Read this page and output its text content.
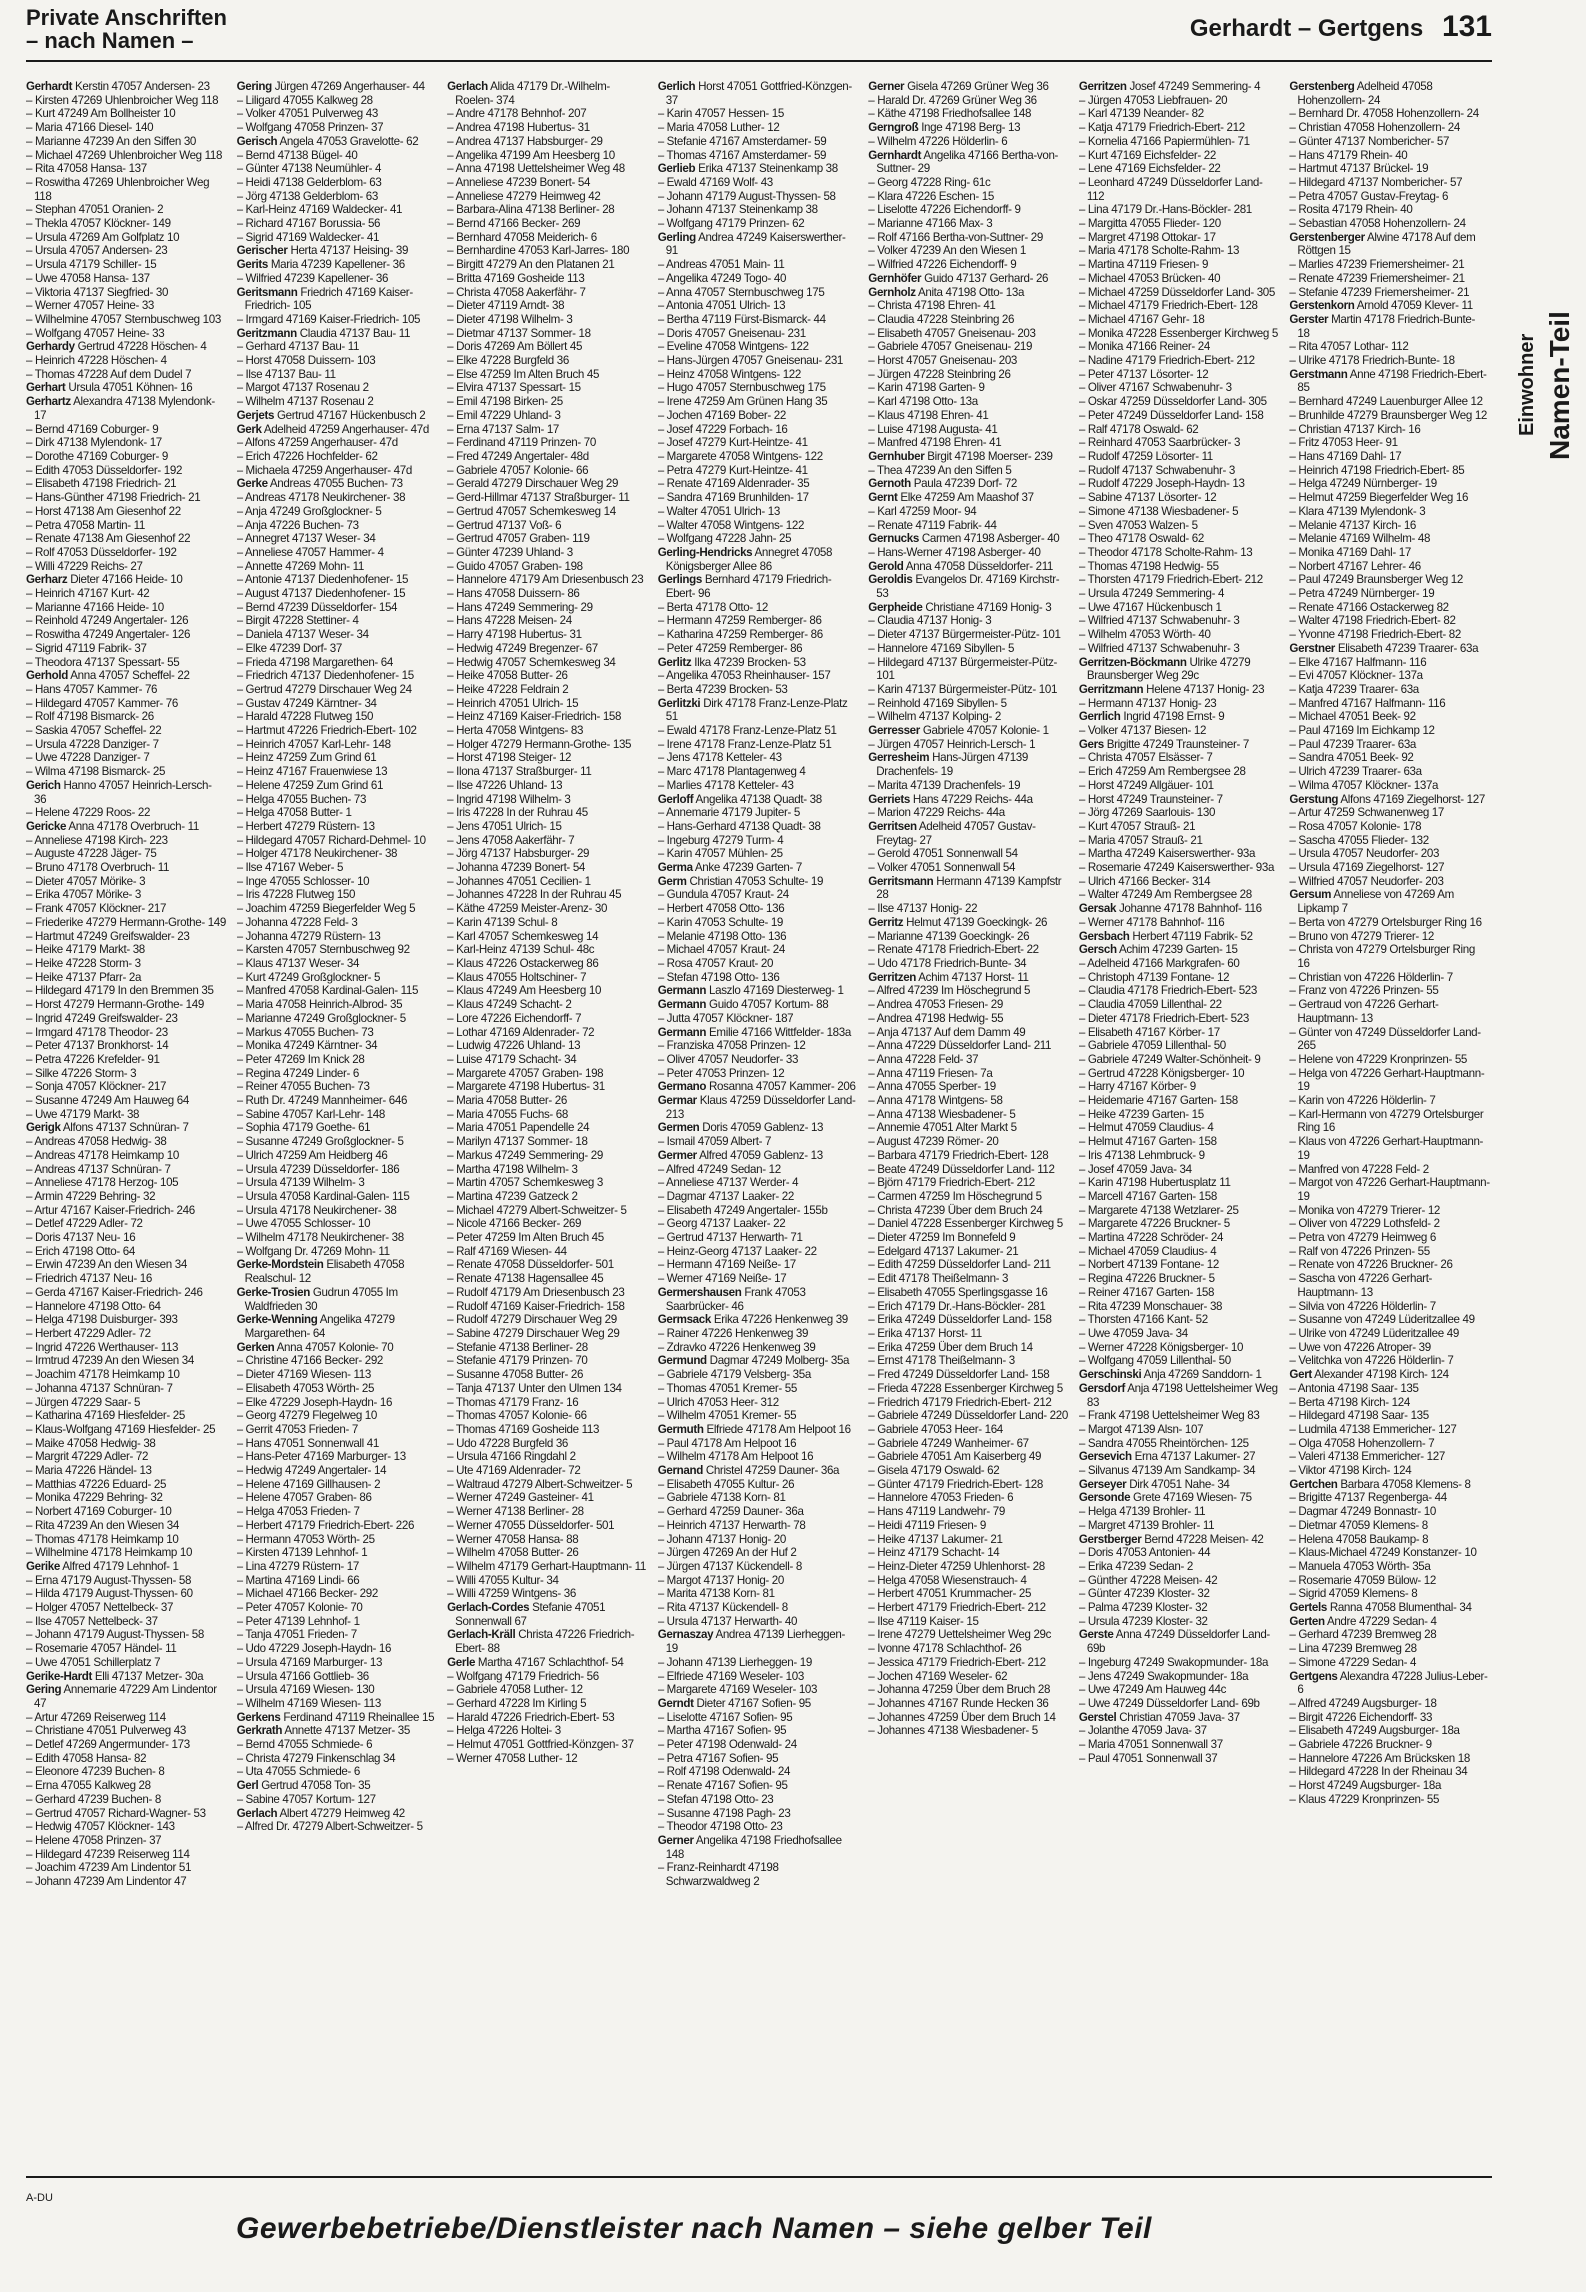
Private Anschriften
– nach Namen –	Gerhardt – Gertgens 131
Gerhardt Kerstin 47057 Andersen- 23
– Kirsten 47269 Uhlenbroicher Weg 118
– Kurt 47249 Am Bollheister 10
– Maria 47166 Diesel- 140
– Marianne 47239 An den Siffen 30
– Michael 47269 Uhlenbroicher Weg 118
– Rita 47058 Hansa- 137
– Roswitha 47269 Uhlenbroicher Weg 118
– Stephan 47051 Oranien- 2
– Thekla 47057 Klöckner- 149
– Ursula 47269 Am Golfplatz 10
– Ursula 47057 Andersen- 23
– Ursula 47179 Schiller- 15
– Uwe 47058 Hansa- 137
– Viktoria 47137 Siegfried- 30
– Werner 47057 Heine- 33
– Wilhelmine 47057 Sternbuschweg 103
– Wolfgang 47057 Heine- 33
Gerhardy Gertrud 47228 Höschen- 4
– Heinrich 47228 Höschen- 4
– Thomas 47228 Auf dem Dudel 7
Gerhart Ursula 47051 Köhnen- 16
Gerhartz Alexandra 47138 Mylendonk- 17
– Bernd 47169 Coburger- 9
– Dirk 47138 Mylendonk- 17
– Dorothe 47169 Coburger- 9
– Edith 47053 Düsseldorfer- 192
– Elisabeth 47198 Friedrich- 21
– Hans-Günther 47198 Friedrich- 21
– Horst 47138 Am Giesenhof 22
– Petra 47058 Martin- 11
– Renate 47138 Am Giesenhof 22
– Rolf 47053 Düsseldorfer- 192
– Willi 47229 Reichs- 27
Gerharz Dieter 47166 Heide- 10
– Heinrich 47167 Kurt- 42
– Marianne 47166 Heide- 10
– Reinhold 47249 Angertaler- 126
– Roswitha 47249 Angertaler- 126
– Sigrid 47119 Fabrik- 37
– Theodora 47137 Spessart- 55
Gerhold Anna 47057 Scheffel- 22
– Hans 47057 Kammer- 76
– Hildegard 47057 Kammer- 76
– Rolf 47198 Bismarck- 26
– Saskia 47057 Scheffel- 22
– Ursula 47228 Danziger- 7
– Uwe 47228 Danziger- 7
– Wilma 47198 Bismarck- 25
Gerich Hanno 47057 Heinrich-Lersch- 36
– Helene 47229 Roos- 22
Gericke Anna 47178 Overbruch- 11
– Anneliese 47198 Kirch- 223
– Auguste 47228 Jäger- 75
– Bruno 47178 Overbruch- 11
– Dieter 47057 Mörike- 3
– Erika 47057 Mörike- 3
– Frank 47057 Klöckner- 217
– Friederike 47279 Hermann-Grothe- 149
– Hartmut 47249 Greifswalder- 23
– Heike 47179 Markt- 38
– Heike 47228 Storm- 3
– Heike 47137 Pfarr- 2a
– Hildegard 47179 In den Bremmen 35
– Horst 47279 Hermann-Grothe- 149
– Ingrid 47249 Greifswalder- 23
– Irmgard 47178 Theodor- 23
– Peter 47137 Bronkhorst- 14
– Petra 47226 Krefelder- 91
– Silke 47226 Storm- 3
– Sonja 47057 Klöckner- 217
– Susanne 47249 Am Hauweg 64
– Uwe 47179 Markt- 38
Gerigk Alfons 47137 Schnüran- 7
– Andreas 47058 Hedwig- 38
– Andreas 47178 Heimkamp 10
– Andreas 47137 Schnüran- 7
– Anneliese 47178 Herzog- 105
– Armin 47229 Behring- 32
– Artur 47167 Kaiser-Friedrich- 246
– Detlef 47229 Adler- 72
– Doris 47137 Neu- 16
– Erich 47198 Otto- 64
– Erwin 47239 An den Wiesen 34
– Friedrich 47137 Neu- 16
– Gerda 47167 Kaiser-Friedrich- 246
– Hannelore 47198 Otto- 64
– Helga 47198 Duisburger- 393
– Herbert 47229 Adler- 72
– Ingrid 47226 Werthauser- 113
– Irmtrud 47239 An den Wiesen 34
– Joachim 47178 Heimkamp 10
– Johanna 47137 Schnüran- 7
– Jürgen 47229 Saar- 5
– Katharina 47169 Hiesfelder- 25
– Klaus-Wolfgang 47169 Hiesfelder- 25
– Maike 47058 Hedwig- 38
– Margrit 47229 Adler- 72
– Maria 47226 Händel- 13
– Matthias 47226 Eduard- 25
– Monika 47229 Behring- 32
– Norbert 47169 Coburger- 10
– Rita 47239 An den Wiesen 34
– Thomas 47178 Heimkamp 10
– Wilhelmine 47178 Heimkamp 10
Gerike Alfred 47179 Lehnhof- 1
– Erna 47179 August-Thyssen- 58
– Hilda 47179 August-Thyssen- 60
– Holger 47057 Nettelbeck- 37
– Ilse 47057 Nettelbeck- 37
– Johann 47179 August-Thyssen- 58
– Rosemarie 47057 Händel- 11
– Uwe 47051 Schillerplatz 7
Gerike-Hardt Elli 47137 Metzer- 30a
Gering Annemarie 47229 Am Lindentor 47
– Artur 47269 Reiserweg 114
– Christiane 47051 Pulverweg 43
– Detlef 47269 Angermunder- 173
– Edith 47058 Hansa- 82
– Eleonore 47239 Buchen- 8
– Erna 47055 Kalkweg 28
– Gerhard 47239 Buchen- 8
– Gertrud 47057 Richard-Wagner- 53
– Hedwig 47057 Klöckner- 143
– Helene 47058 Prinzen- 37
– Hildegard 47239 Reiserweg 114
– Joachim 47239 Am Lindentor 51
– Johann 47239 Am Lindentor 47
Gering Jürgen 47269 Angerhauser- 44
– Liligard 47055 Kalkweg 28
– Volker 47051 Pulverweg 43
– Wolfgang 47058 Prinzen- 37
Gerisch Angela 47053 Gravelotte- 62
– Bernd 47138 Bügel- 40
– Günter 47138 Neumühler- 4
– Heidi 47138 Gelderblom- 63
– Jörg 47138 Gelderblom- 63
– Karl-Heinz 47169 Waldecker- 41
– Richard 47167 Borussia- 56
– Sigrid 47169 Waldecker- 41
Gerischer Herta 47137 Heising- 39
Gerits Maria 47239 Kapellener- 36
– Wilfried 47239 Kapellener- 36
Geritsmann Friedrich 47169 Kaiser-Friedrich- 105
– Irmgard 47169 Kaiser-Friedrich- 105
Geritzmann Claudia 47137 Bau- 11
– Gerhard 47137 Bau- 11
– Horst 47058 Duissern- 103
– Ilse 47137 Bau- 11
– Margot 47137 Rosenau 2
– Wilhelm 47137 Rosenau 2
Gerjets Gertrud 47167 Hückenbusch 2
Gerk Adelheid 47259 Angerhauser- 47d
– Alfons 47259 Angerhauser- 47d
– Erich 47226 Hochfelder- 62
– Michaela 47259 Angerhauser- 47d
Gerke Andreas 47055 Buchen- 73
– Andreas 47178 Neukirchener- 38
– Anja 47249 Großglockner- 5
– Anja 47226 Buchen- 73
– Annegret 47137 Weser- 34
– Anneliese 47057 Hammer- 4
– Annette 47269 Mohn- 11
– Antonie 47137 Diedenhofener- 15
– August 47137 Diedenhofener- 15
– Bernd 47239 Düsseldorfer- 154
– Birgit 47228 Stettiner- 4
– Daniela 47137 Weser- 34
– Elke 47239 Dorf- 37
– Frieda 47198 Margarethen- 64
– Friedrich 47137 Diedenhofener- 15
– Gertrud 47279 Dirschauer Weg 24
– Gustav 47249 Kärntner- 34
– Harald 47228 Flutweg 150
– Hartmut 47226 Friedrich-Ebert- 102
– Heinrich 47057 Karl-Lehr- 148
– Heinz 47259 Zum Grind 61
– Heinz 47167 Frauenwiese 13
– Helene 47259 Zum Grind 61
– Helga 47055 Buchen- 73
– Helga 47058 Butter- 1
– Herbert 47279 Rüstern- 13
– Hildegard 47057 Richard-Dehmel- 10
– Holger 47178 Neukirchener- 38
– Ilse 47167 Weber- 5
– Inge 47055 Schlosser- 10
– Iris 47228 Flutweg 150
– Joachim 47259 Biegerfelder Weg 5
– Johanna 47228 Feld- 3
– Johanna 47279 Rüstern- 13
– Karsten 47057 Sternbuschweg 92
– Klaus 47137 Weser- 34
– Kurt 47249 Großglockner- 5
– Manfred 47058 Kardinal-Galen- 115
– Maria 47058 Heinrich-Albrod- 35
– Marianne 47249 Großglockner- 5
– Markus 47055 Buchen- 73
– Monika 47249 Kärntner- 34
– Peter 47269 Im Knick 28
– Regina 47249 Linder- 6
– Reiner 47055 Buchen- 73
– Ruth Dr. 47249 Mannheimer- 646
– Sabine 47057 Karl-Lehr- 148
– Sophia 47179 Goethe- 61
– Susanne 47249 Großglockner- 5
– Ulrich 47259 Am Heidberg 46
– Ursula 47239 Düsseldorfer- 186
– Ursula 47139 Wilhelm- 3
– Ursula 47058 Kardinal-Galen- 115
– Ursula 47178 Neukirchener- 38
– Uwe 47055 Schlosser- 10
– Wilhelm 47178 Neukirchener- 38
– Wolfgang Dr. 47269 Mohn- 11
Gerke-Mordstein Elisabeth 47058 Realschul- 12
Gerke-Trosien Gudrun 47055 Im Waldfrieden 30
Gerke-Wenning Angelika 47279 Margarethen- 64
Gerken Anna 47057 Kolonie- 70
– Christine 47166 Becker- 292
– Dieter 47169 Wiesen- 113
– Elisabeth 47053 Wörth- 25
– Elke 47229 Joseph-Haydn- 16
– Georg 47279 Flegelweg 10
– Gerrit 47053 Frieden- 7
– Hans 47051 Sonnenwall 41
– Hans-Peter 47169 Marburger- 13
– Hedwig 47249 Angertaler- 14
– Helene 47169 Gillhausen- 2
– Helene 47057 Graben- 86
– Helga 47053 Frieden- 7
– Herbert 47179 Friedrich-Ebert- 226
– Hermann 47053 Wörth- 25
– Kirsten 47139 Lehnhof- 1
– Lina 47279 Rüstern- 17
– Martina 47169 Lindi- 66
– Michael 47166 Becker- 292
– Peter 47057 Kolonie- 70
– Peter 47139 Lehnhof- 1
– Tanja 47051 Frieden- 7
– Udo 47229 Joseph-Haydn- 16
– Ursula 47169 Marburger- 13
– Ursula 47166 Gottlieb- 36
– Ursula 47169 Wiesen- 130
– Wilhelm 47169 Wiesen- 113
Gerkens Ferdinand 47119 Rheinallee 15
Gerkrath Annette 47137 Metzer- 35
– Bernd 47055 Schmiede- 6
– Christa 47279 Finkenschlag 34
– Uta 47055 Schmiede- 6
Gerl Gertrud 47058 Ton- 35
– Sabine 47057 Kortum- 127
Gerlach Albert 47279 Heimweg 42
– Alfred Dr. 47279 Albert-Schweitzer- 5
Gerlach Alida 47179 Dr.-Wilhelm-Roelen- 374
– Andre 47178 Behnhof- 207
– Andrea 47198 Hubertus- 31
– Andrea 47137 Habsburger- 29
– Angelika 47199 Am Heesberg 10
– Anna 47198 Uettelsheimer Weg 48
– Anneliese 47239 Bonert- 54
– Anneliese 47279 Heimweg 42
– Barbara-Alina 47138 Berliner- 28
– Bernd 47166 Becker- 269
– Bernhard 47058 Meiderich- 6
– Bernhardine 47053 Karl-Jarres- 180
– Birgitt 47279 An den Platanen 21
– Britta 47169 Gosheide 113
– Christa 47058 Aakerfähr- 7
– Dieter 47119 Arndt- 38
– Dieter 47198 Wilhelm- 3
– Dietmar 47137 Sommer- 18
– Doris 47269 Am Böllert 45
– Elke 47228 Burgfeld 36
– Else 47259 Im Alten Bruch 45
– Elvira 47137 Spessart- 15
– Emil 47198 Birken- 25
– Emil 47229 Uhland- 3
– Erna 47137 Salm- 17
– Ferdinand 47119 Prinzen- 70
– Fred 47249 Angertaler- 48d
– Gabriele 47057 Kolonie- 66
– Gerald 47279 Dirschauer Weg 29
– Gerd-Hillmar 47137 Straßburger- 11
– Gertrud 47057 Schemkesweg 14
– Gertrud 47137 Voß- 6
– Gertrud 47057 Graben- 119
– Günter 47239 Uhland- 3
– Guido 47057 Graben- 198
– Hannelore 47179 Am Driesenbusch 23
– Hans 47058 Duissern- 86
– Hans 47249 Semmering- 29
– Hans 47228 Meisen- 24
– Harry 47198 Hubertus- 31
– Hedwig 47249 Bregenzer- 67
– Hedwig 47057 Schemkesweg 34
– Heike 47058 Butter- 26
– Heike 47228 Feldrain 2
– Heinrich 47051 Ulrich- 15
– Heinz 47169 Kaiser-Friedrich- 158
– Herta 47058 Wintgens- 83
– Holger 47279 Hermann-Grothe- 135
– Horst 47198 Steiger- 12
– Ilona 47137 Straßburger- 11
– Ilse 47226 Uhland- 13
– Ingrid 47198 Wilhelm- 3
– Iris 47228 In der Ruhrau 45
– Jens 47051 Ulrich- 15
– Jens 47058 Aakerfähr- 7
– Jörg 47137 Habsburger- 29
– Johanna 47239 Bonert- 54
– Johannes 47051 Cecilien- 1
– Johannes 47228 In der Ruhrau 45
– Käthe 47259 Meister-Arenz- 30
– Karin 47139 Schul- 8
– Karl 47057 Schemkesweg 14
– Karl-Heinz 47139 Schul- 48c
– Klaus 47226 Ostackerweg 86
– Klaus 47055 Holtschiner- 7
– Klaus 47249 Am Heesberg 10
– Klaus 47249 Schacht- 2
– Lore 47226 Eichendorff- 7
– Lothar 47169 Aldenrader- 72
– Ludwig 47226 Uhland- 13
– Luise 47179 Schacht- 34
– Margarete 47057 Graben- 198
– Margarete 47198 Hubertus- 31
– Maria 47058 Butter- 26
– Maria 47055 Fuchs- 68
– Maria 47051 Papendelle 24
– Marilyn 47137 Sommer- 18
– Markus 47249 Semmering- 29
– Martha 47198 Wilhelm- 3
– Martin 47057 Schemkesweg 3
– Martina 47239 Gatzeck 2
– Michael 47279 Albert-Schweitzer- 5
– Nicole 47166 Becker- 269
– Peter 47259 Im Alten Bruch 45
– Ralf 47169 Wiesen- 44
– Renate 47058 Düsseldorfer- 501
– Renate 47138 Hagensallee 45
– Rudolf 47179 Am Driesenbusch 23
– Rudolf 47169 Kaiser-Friedrich- 158
– Rudolf 47279 Dirschauer Weg 29
– Sabine 47279 Dirschauer Weg 29
– Stefanie 47138 Berliner- 28
– Stefanie 47179 Prinzen- 70
– Susanne 47058 Butter- 26
– Tanja 47137 Unter den Ulmen 134
– Thomas 47179 Franz- 16
– Thomas 47057 Kolonie- 66
– Thomas 47169 Gosheide 113
– Udo 47228 Burgfeld 36
– Ursula 47166 Ringdahl 2
– Ute 47169 Aldenrader- 72
– Waltraud 47279 Albert-Schweitzer- 5
– Werner 47249 Gasteiner- 41
– Werner 47138 Berliner- 28
– Werner 47055 Düsseldorfer- 501
– Werner 47058 Hansa- 88
– Wilhelm 47058 Butter- 26
– Wilhelm 47179 Gerhart-Hauptmann- 11
– Willi 47055 Kultur- 34
– Willi 47259 Wintgens- 36
Gerlach-Cordes Stefanie 47051 Sonnenwall 67
Gerlach-Kräll Christa 47226 Friedrich-Ebert- 88
Gerle Martha 47167 Schlachthof- 54
– Wolfgang 47179 Friedrich- 56
– Gabriele 47058 Luther- 12
– Gerhard 47228 Im Kirling 5
– Harald 47226 Friedrich-Ebert- 53
– Helga 47226 Holtei- 3
– Helmut 47051 Gottfried-Könzgen- 37
– Werner 47058 Luther- 12
Gerlich Horst 47051 Gottfried-Könzgen- 37
– Karin 47057 Hessen- 15
– Maria 47058 Luther- 12
– Stefanie 47167 Amsterdamer- 59
– Thomas 47167 Amsterdamer- 59
Gerlieb Erika 47137 Steinenkamp 38
– Ewald 47169 Wolf- 43
– Johann 47179 August-Thyssen- 58
– Johann 47137 Steinenkamp 38
– Wolfgang 47179 Prinzen- 62
Gerling Andrea 47249 Kaiserswerther- 91
– Andreas 47051 Main- 11
– Angelika 47249 Togo- 40
– Anna 47057 Sternbuschweg 175
– Antonia 47051 Ulrich- 13
– Bertha 47119 Fürst-Bismarck- 44
– Doris 47057 Gneisenau- 231
– Eveline 47058 Wintgens- 122
– Hans-Jürgen 47057 Gneisenau- 231
– Heinz 47058 Wintgens- 122
– Hugo 47057 Sternbuschweg 175
– Irene 47259 Am Grünen Hang 35
– Jochen 47169 Bober- 22
– Josef 47229 Forbach- 16
– Josef 47279 Kurt-Heintze- 41
– Margarete 47058 Wintgens- 122
– Petra 47279 Kurt-Heintze- 41
– Renate 47169 Aldenrader- 35
– Sandra 47169 Brunhilden- 17
– Walter 47051 Ulrich- 13
– Walter 47058 Wintgens- 122
– Wolfgang 47228 Jahn- 25
Gerling-Hendricks Annegret 47058 Königsberger Allee 86
Gerlings Bernhard 47179 Friedrich-Ebert- 96
– Berta 47178 Otto- 12
– Hermann 47259 Remberger- 86
– Katharina 47259 Remberger- 86
– Peter 47259 Remberger- 86
Gerlitz Ilka 47239 Brocken- 53
– Angelika 47053 Rheinhauser- 157
– Berta 47239 Brocken- 53
Gerlitzki Dirk 47178 Franz-Lenze-Platz 51
– Ewald 47178 Franz-Lenze-Platz 51
– Irene 47178 Franz-Lenze-Platz 51
– Jens 47178 Ketteler- 43
– Marc 47178 Plantagenweg 4
– Marlies 47178 Ketteler- 43
Gerloff Angelika 47138 Quadt- 38
– Annemarie 47179 Jupiter- 5
– Hans-Gerhard 47138 Quadt- 38
– Ingeburg 47279 Turm- 4
– Karin 47057 Mühlen- 25
Germa Anke 47239 Garten- 7
Germ Christian 47053 Schulte- 19
– Gundula 47057 Kraut- 24
– Herbert 47058 Otto- 136
– Karin 47053 Schulte- 19
– Melanie 47198 Otto- 136
– Michael 47057 Kraut- 24
– Rosa 47057 Kraut- 20
– Stefan 47198 Otto- 136
Germann Laszlo 47169 Diesterweg- 1
Germann Guido 47057 Kortum- 88
– Jutta 47057 Klöckner- 187
Germann Emilie 47166 Wittfelder- 183a
– Franziska 47058 Prinzen- 12
– Oliver 47057 Neudorfer- 33
– Peter 47053 Prinzen- 12
Germano Rosanna 47057 Kammer- 206
Germar Klaus 47259 Düsseldorfer Land- 213
Germen Doris 47059 Gablenz- 13
– Ismail 47059 Albert- 7
Germer Alfred 47059 Gablenz- 13
– Alfred 47249 Sedan- 12
– Anneliese 47137 Werder- 4
– Dagmar 47137 Laaker- 22
– Elisabeth 47249 Angertaler- 155b
– Georg 47137 Laaker- 22
– Gertrud 47137 Herwarth- 71
– Heinz-Georg 47137 Laaker- 22
– Hermann 47169 Neiße- 17
– Werner 47169 Neiße- 17
Germershausen Frank 47053 Saarbrücker- 46
Germsack Erika 47226 Henkenweg 39
– Rainer 47226 Henkenweg 39
– Zdravko 47226 Henkenweg 39
Germund Dagmar 47249 Molberg- 35a
– Gabriele 47179 Velsberg- 35a
– Thomas 47051 Kremer- 55
– Ulrich 47053 Heer- 312
– Wilhelm 47051 Kremer- 55
Germuth Elfriede 47178 Am Helpoot 16
– Paul 47178 Am Helpoot 16
– Wilhelm 47178 Am Helpoot 16
Gernand Christel 47259 Dauner- 36a
– Elisabeth 47055 Kultur- 26
– Gabriele 47138 Korn- 81
– Gerhard 47259 Dauner- 36a
– Heinrich 47137 Herwarth- 78
– Johann 47137 Honig- 20
– Jürgen 47269 An der Huf 2
– Jürgen 47137 Kückendell- 8
– Margot 47137 Honig- 20
– Marita 47138 Korn- 81
– Rita 47137 Kückendell- 8
– Ursula 47137 Herwarth- 40
Gernaszay Andrea 47139 Lierheggen- 19
– Johann 47139 Lierheggen- 19
– Elfriede 47169 Weseler- 103
– Margarete 47169 Weseler- 103
Gerndt Dieter 47167 Sofien- 95
– Liselotte 47167 Sofien- 95
– Martha 47167 Sofien- 95
– Peter 47198 Odenwald- 24
– Petra 47167 Sofien- 95
– Rolf 47198 Odenwald- 24
– Renate 47167 Sofien- 95
– Stefan 47198 Otto- 23
– Susanne 47198 Pagh- 23
– Theodor 47198 Otto- 23
Gerner Angelika 47198 Friedhofsallee 148
– Franz-Reinhardt 47198 Schwarzwaldweg 2
Gerner Gisela 47269 Grüner Weg 36
– Harald Dr. 47269 Grüner Weg 36
– Käthe 47198 Friedhofsallee 148
Gerngroß Inge 47198 Berg- 13
– Wilhelm 47226 Hölderlin- 6
Gernhardt Angelika 47166 Bertha-von-Suttner- 29
– Georg 47228 Ring- 61c
– Klara 47226 Eschen- 15
– Liselotte 47226 Eichendorff- 9
– Marianne 47166 Max- 3
– Rolf 47166 Bertha-von-Suttner- 29
– Volker 47239 An den Wiesen 1
– Wilfried 47226 Eichendorff- 9
Gernhöfer Guido 47137 Gerhard- 26
Gernholz Anita 47198 Otto- 13a
– Christa 47198 Ehren- 41
– Claudia 47228 Steinbring 26
– Elisabeth 47057 Gneisenau- 203
– Gabriele 47057 Gneisenau- 219
– Horst 47057 Gneisenau- 203
– Jürgen 47228 Steinbring 26
– Karin 47198 Garten- 9
– Karl 47198 Otto- 13a
– Klaus 47198 Ehren- 41
– Luise 47198 Augusta- 41
– Manfred 47198 Ehren- 41
Gernhuber Birgit 47198 Moerser- 239
– Thea 47239 An den Siffen 5
Gernoth Paula 47239 Dorf- 72
Gernt Elke 47259 Am Maashof 37
– Karl 47259 Moor- 94
– Renate 47119 Fabrik- 44
Gernucks Carmen 47198 Asberger- 40
– Hans-Werner 47198 Asberger- 40
Gerold Anna 47058 Düsseldorfer- 211
Geroldis Evangelos Dr. 47169 Kirchstr- 53
Gerpheide Christiane 47169 Honig- 3
– Claudia 47137 Honig- 3
– Dieter 47137 Bürgermeister-Pütz- 101
– Hannelore 47169 Sibyllen- 5
– Hildegard 47137 Bürgermeister-Pütz- 101
– Karin 47137 Bürgermeister-Pütz- 101
– Reinhold 47169 Sibyllen- 5
– Wilhelm 47137 Kolping- 2
Gerresser Gabriele 47057 Kolonie- 1
– Jürgen 47057 Heinrich-Lersch- 1
Gerresheim Hans-Jürgen 47139 Drachenfels- 19
– Marita 47139 Drachenfels- 19
Gerriets Hans 47229 Reichs- 44a
– Marion 47229 Reichs- 44a
Gerritsen Adelheid 47057 Gustav-Freytag- 27
– Gerold 47051 Sonnenwall 54
– Volker 47051 Sonnenwall 54
Gerritsmann Hermann 47139 Kampfstr 28
– Ilse 47137 Honig- 22
Gerritz Helmut 47139 Goeckingk- 26
– Marianne 47139 Goeckingk- 26
– Renate 47178 Friedrich-Ebert- 22
– Udo 47178 Friedrich-Bunte- 34
Gerritzen Achim 47137 Horst- 11
– Alfred 47239 Im Höschegrund 5
– Andrea 47053 Friesen- 29
– Andrea 47198 Hedwig- 55
– Anja 47137 Auf dem Damm 49
– Anna 47229 Düsseldorfer Land- 211
– Anna 47228 Feld- 37
– Anna 47119 Friesen- 7a
– Anna 47055 Sperber- 19
– Anna 47178 Wintgens- 58
– Anna 47138 Wiesbadener- 5
– Annemie 47051 Alter Markt 5
– August 47239 Römer- 20
– Barbara 47179 Friedrich-Ebert- 128
– Beate 47249 Düsseldorfer Land- 112
– Björn 47179 Friedrich-Ebert- 212
– Carmen 47259 Im Höschegrund 5
– Christa 47239 Über dem Bruch 24
– Daniel 47228 Essenberger Kirchweg 5
– Dieter 47259 Im Bonnefeld 9
– Edelgard 47137 Lakumer- 21
– Edith 47259 Düsseldorfer Land- 211
– Edit 47178 Theißelmann- 3
– Elisabeth 47055 Sperlingsgasse 16
– Erich 47179 Dr.-Hans-Böckler- 281
– Erika 47249 Düsseldorfer Land- 158
– Erika 47137 Horst- 11
– Erika 47259 Über dem Bruch 14
– Ernst 47178 Theißelmann- 3
– Fred 47249 Düsseldorfer Land- 158
– Frieda 47228 Essenberger Kirchweg 5
– Friedrich 47179 Friedrich-Ebert- 212
– Gabriele 47249 Düsseldorfer Land- 220
– Gabriele 47053 Heer- 164
– Gabriele 47249 Wanheimer- 67
– Gabriele 47051 Am Kaiserberg 49
– Gisela 47179 Oswald- 62
– Günter 47179 Friedrich-Ebert- 128
– Hannelore 47053 Frieden- 6
– Hans 47119 Landwehr- 79
– Heidi 47119 Friesen- 9
– Heike 47137 Lakumer- 21
– Heinz 47179 Schacht- 14
– Heinz-Dieter 47259 Uhlenhorst- 28
– Helga 47058 Wiesenstrauch- 4
– Herbert 47051 Krummacher- 25
– Herbert 47179 Friedrich-Ebert- 212
– Ilse 47119 Kaiser- 15
– Irene 47279 Uettelsheimer Weg 29c
– Ivonne 47178 Schlachthof- 26
– Jessica 47179 Friedrich-Ebert- 212
– Jochen 47169 Weseler- 62
– Johanna 47259 Über dem Bruch 28
– Johannes 47167 Runde Hecken 36
– Johannes 47259 Über dem Bruch 14
– Johannes 47138 Wiesbadener- 5
Gerritzen Josef 47249 Semmering- 4
– Jürgen 47053 Liebfrauen- 20
– Karl 47139 Neander- 82
– Katja 47179 Friedrich-Ebert- 212
– Kornelia 47166 Papiermühlen- 71
– Kurt 47169 Eichsfelder- 22
– Lene 47169 Eichsfelder- 22
– Leonhard 47249 Düsseldorfer Land- 112
– Lina 47179 Dr.-Hans-Böckler- 281
– Margitta 47055 Flieder- 120
– Margret 47198 Ottokar- 17
– Maria 47178 Scholte-Rahm- 13
– Martina 47119 Friesen- 9
– Michael 47053 Brücken- 40
– Michael 47259 Düsseldorfer Land- 305
– Michael 47179 Friedrich-Ebert- 128
– Michael 47167 Gehr- 18
– Monika 47228 Essenberger Kirchweg 5
– Monika 47166 Reiner- 24
– Nadine 47179 Friedrich-Ebert- 212
– Peter 47137 Lösorter- 12
– Oliver 47167 Schwabenuhr- 3
– Oskar 47259 Düsseldorfer Land- 305
– Peter 47249 Düsseldorfer Land- 158
– Ralf 47178 Oswald- 62
– Reinhard 47053 Saarbrücker- 3
– Rudolf 47259 Lösorter- 11
– Rudolf 47137 Schwabenuhr- 3
– Rudolf 47229 Joseph-Haydn- 13
– Sabine 47137 Lösorter- 12
– Simone 47138 Wiesbadener- 5
– Sven 47053 Walzen- 5
– Theo 47178 Oswald- 62
– Theodor 47178 Scholte-Rahm- 13
– Thomas 47198 Hedwig- 55
– Thorsten 47179 Friedrich-Ebert- 212
– Ursula 47249 Semmering- 4
– Uwe 47167 Hückenbusch 1
– Wilfried 47137 Schwabenuhr- 3
– Wilhelm 47053 Wörth- 40
– Wilfried 47137 Schwabenuhr- 3
Gerritzen-Böckmann Ulrike 47279 Braunsberger Weg 29c
Gerritzmann Helene 47137 Honig- 23
– Hermann 47137 Honig- 23
Gerrlich Ingrid 47198 Ernst- 9
– Volker 47137 Biesen- 12
Gers Brigitte 47249 Traunsteiner- 7
– Christa 47057 Elsässer- 7
– Erich 47259 Am Rembergsee 28
– Horst 47249 Allgäuer- 101
– Horst 47249 Traunsteiner- 7
– Jörg 47269 Saarlouis- 130
– Kurt 47057 Strauß- 21
– Maria 47057 Strauß- 21
– Martha 47249 Kaiserswerther- 93a
– Rosemarie 47249 Kaiserswerther- 93a
– Ulrich 47166 Becker- 314
– Walter 47249 Am Rembergsee 28
Gersak Johanne 47178 Bahnhof- 116
– Werner 47178 Bahnhof- 116
Gersbach Herbert 47119 Fabrik- 52
Gersch Achim 47239 Garten- 15
– Adelheid 47166 Markgrafen- 60
– Christoph 47139 Fontane- 12
– Claudia 47178 Friedrich-Ebert- 523
– Claudia 47059 Lillenthal- 22
– Dieter 47178 Friedrich-Ebert- 523
– Elisabeth 47167 Körber- 17
– Gabriele 47059 Lillenthal- 50
– Gabriele 47249 Walter-Schönheit- 9
– Gertrud 47228 Königsberger- 10
– Harry 47167 Körber- 9
– Heidemarie 47167 Garten- 158
– Heike 47239 Garten- 15
– Helmut 47059 Claudius- 4
– Helmut 47167 Garten- 158
– Iris 47138 Lehmbruck- 9
– Josef 47059 Java- 34
– Karin 47198 Hubertusplatz 11
– Marcell 47167 Garten- 158
– Margarete 47138 Wetzlarer- 25
– Margarete 47226 Bruckner- 5
– Martina 47228 Schröder- 24
– Michael 47059 Claudius- 4
– Norbert 47139 Fontane- 12
– Regina 47226 Bruckner- 5
– Reiner 47167 Garten- 158
– Rita 47239 Monschauer- 38
– Thorsten 47166 Kant- 52
– Uwe 47059 Java- 34
– Werner 47228 Königsberger- 10
– Wolfgang 47059 Lillenthal- 50
Gerschinski Anja 47269 Sanddorn- 1
Gersdorf Anja 47198 Uettelsheimer Weg 83
– Frank 47198 Uettelsheimer Weg 83
– Margot 47139 Alsn- 107
– Sandra 47055 Rheintörchen- 125
Gersevich Erna 47137 Lakumer- 27
– Silvanus 47139 Am Sandkamp- 34
Gerseyer Dirk 47051 Nahe- 34
Gersonde Grete 47169 Wiesen- 75
– Helga 47139 Brohler- 11
– Margret 47139 Brohler- 11
Gerstberger Bernd 47228 Meisen- 42
– Doris 47053 Antonien- 44
– Erika 47239 Sedan- 2
– Günther 47228 Meisen- 42
– Günter 47239 Kloster- 32
– Palma 47239 Kloster- 32
– Ursula 47239 Kloster- 32
Gerste Anna 47249 Düsseldorfer Land- 69b
– Ingeburg 47249 Swakopmunder- 18a
– Jens 47249 Swakopmunder- 18a
– Uwe 47249 Am Hauweg 44c
– Uwe 47249 Düsseldorfer Land- 69b
Gerstel Christian 47059 Java- 37
– Jolanthe 47059 Java- 37
– Maria 47051 Sonnenwall 37
– Paul 47051 Sonnenwall 37
Gerstenberg Adelheid 47058 Hohenzollern- 24
– Bernhard Dr. 47058 Hohenzollern- 24
– Christian 47058 Hohenzollern- 24
– Günter 47137 Nombericher- 57
– Hans 47179 Rhein- 40
– Hartmut 47137 Brückel- 19
– Hildegard 47137 Nombericher- 57
– Petra 47057 Gustav-Freytag- 6
– Rosita 47179 Rhein- 40
– Sebastian 47058 Hohenzollern- 24
Gerstenberger Alwine 47178 Auf dem Röttgen 15
– Marlies 47239 Friemersheimer- 21
– Renate 47239 Friemersheimer- 21
– Stefanie 47239 Friemersheimer- 21
Gerstenkorn Arnold 47059 Klever- 11
Gerster Martin 47178 Friedrich-Bunte- 18
– Rita 47057 Lothar- 112
– Ulrike 47178 Friedrich-Bunte- 18
Gerstmann Anne 47198 Friedrich-Ebert- 85
– Bernhard 47249 Lauenburger Allee 12
– Brunhilde 47279 Braunsberger Weg 12
– Christian 47137 Kirch- 16
– Fritz 47053 Heer- 91
– Hans 47169 Dahl- 17
– Heinrich 47198 Friedrich-Ebert- 85
– Helga 47249 Nürnberger- 19
– Helmut 47259 Biegerfelder Weg 16
– Klara 47139 Mylendonk- 3
– Melanie 47137 Kirch- 16
– Melanie 47169 Wilhelm- 48
– Monika 47169 Dahl- 17
– Norbert 47167 Lehrer- 46
– Paul 47249 Braunsberger Weg 12
– Petra 47249 Nürnberger- 19
– Renate 47166 Ostackerweg 82
– Walter 47198 Friedrich-Ebert- 82
– Yvonne 47198 Friedrich-Ebert- 82
Gerstner Elisabeth 47239 Traarer- 63a
– Elke 47167 Halfmann- 116
– Evi 47057 Klöckner- 137a
– Katja 47239 Traarer- 63a
– Manfred 47167 Halfmann- 116
– Michael 47051 Beek- 92
– Paul 47169 Im Eichkamp 12
– Paul 47239 Traarer- 63a
– Sandra 47051 Beek- 92
– Ulrich 47239 Traarer- 63a
– Wilma 47057 Klöckner- 137a
Gerstung Alfons 47169 Ziegelhorst- 127
– Artur 47259 Schwanenweg 17
– Rosa 47057 Kolonie- 178
– Sascha 47055 Flieder- 132
– Ursula 47057 Neudorfer- 203
– Ursula 47169 Ziegelhorst- 127
– Wilfried 47057 Neudorfer- 203
Gersum Anneliese von 47269 Am Lipkamp 7
– Berta von 47279 Ortelsburger Ring 16
– Bruno von 47279 Trierer- 12
– Christa von 47279 Ortelsburger Ring 16
– Christian von 47226 Hölderlin- 7
– Franz von 47226 Prinzen- 55
– Gertraud von 47226 Gerhart-Hauptmann- 13
– Günter von 47249 Düsseldorfer Land- 265
– Helene von 47229 Kronprinzen- 55
– Helga von 47226 Gerhart-Hauptmann- 19
– Karin von 47226 Hölderlin- 7
– Karl-Hermann von 47279 Ortelsburger Ring 16
– Klaus von 47226 Gerhart-Hauptmann- 19
– Manfred von 47228 Feld- 2
– Margot von 47226 Gerhart-Hauptmann- 19
– Monika von 47279 Trierer- 12
– Oliver von 47229 Lothsfeld- 2
– Petra von 47279 Heimweg 6
– Ralf von 47226 Prinzen- 55
– Renate von 47226 Bruckner- 26
– Sascha von 47226 Gerhart-Hauptmann- 13
– Silvia von 47226 Hölderlin- 7
– Susanne von 47249 Lüderitzallee 49
– Ulrike von 47249 Lüderitzallee 49
– Uwe von 47226 Atroper- 39
– Velitchka von 47226 Hölderlin- 7
Gert Alexander 47198 Kirch- 124
– Antonia 47198 Saar- 135
– Berta 47198 Kirch- 124
– Hildegard 47198 Saar- 135
– Ludmila 47138 Emmericher- 127
– Olga 47058 Hohenzollern- 7
– Valeri 47138 Emmericher- 127
– Viktor 47198 Kirch- 124
Gertchen Barbara 47058 Klemens- 8
– Brigitte 47137 Regenberga- 44
– Dagmar 47249 Bonnastr- 10
– Dietmar 47059 Klemens- 8
– Helena 47058 Baukamp- 8
– Klaus-Michael 47249 Konstanzer- 10
– Manuela 47053 Wörth- 35a
– Rosemarie 47059 Bülow- 12
– Sigrid 47059 Klemens- 8
Gertels Ranna 47058 Blumenthal- 34
Gerten Andre 47229 Sedan- 4
– Gerhard 47239 Bremweg 28
– Lina 47239 Bremweg 28
– Simone 47229 Sedan- 4
Gertgens Alexandra 47228 Julius-Leber- 6
– Alfred 47249 Augsburger- 18
– Birgit 47226 Eichendorff- 33
– Elisabeth 47249 Augsburger- 18a
– Gabriele 47226 Bruckner- 9
– Hannelore 47226 Am Brücksken 18
– Hildegard 47228 In der Rheinau 34
– Horst 47249 Augsburger- 18a
– Klaus 47229 Kronprinzen- 55
Einwohner Namen-Teil
A-DU
Gewerbebetriebe/Dienstleister nach Namen – siehe gelber Teil
